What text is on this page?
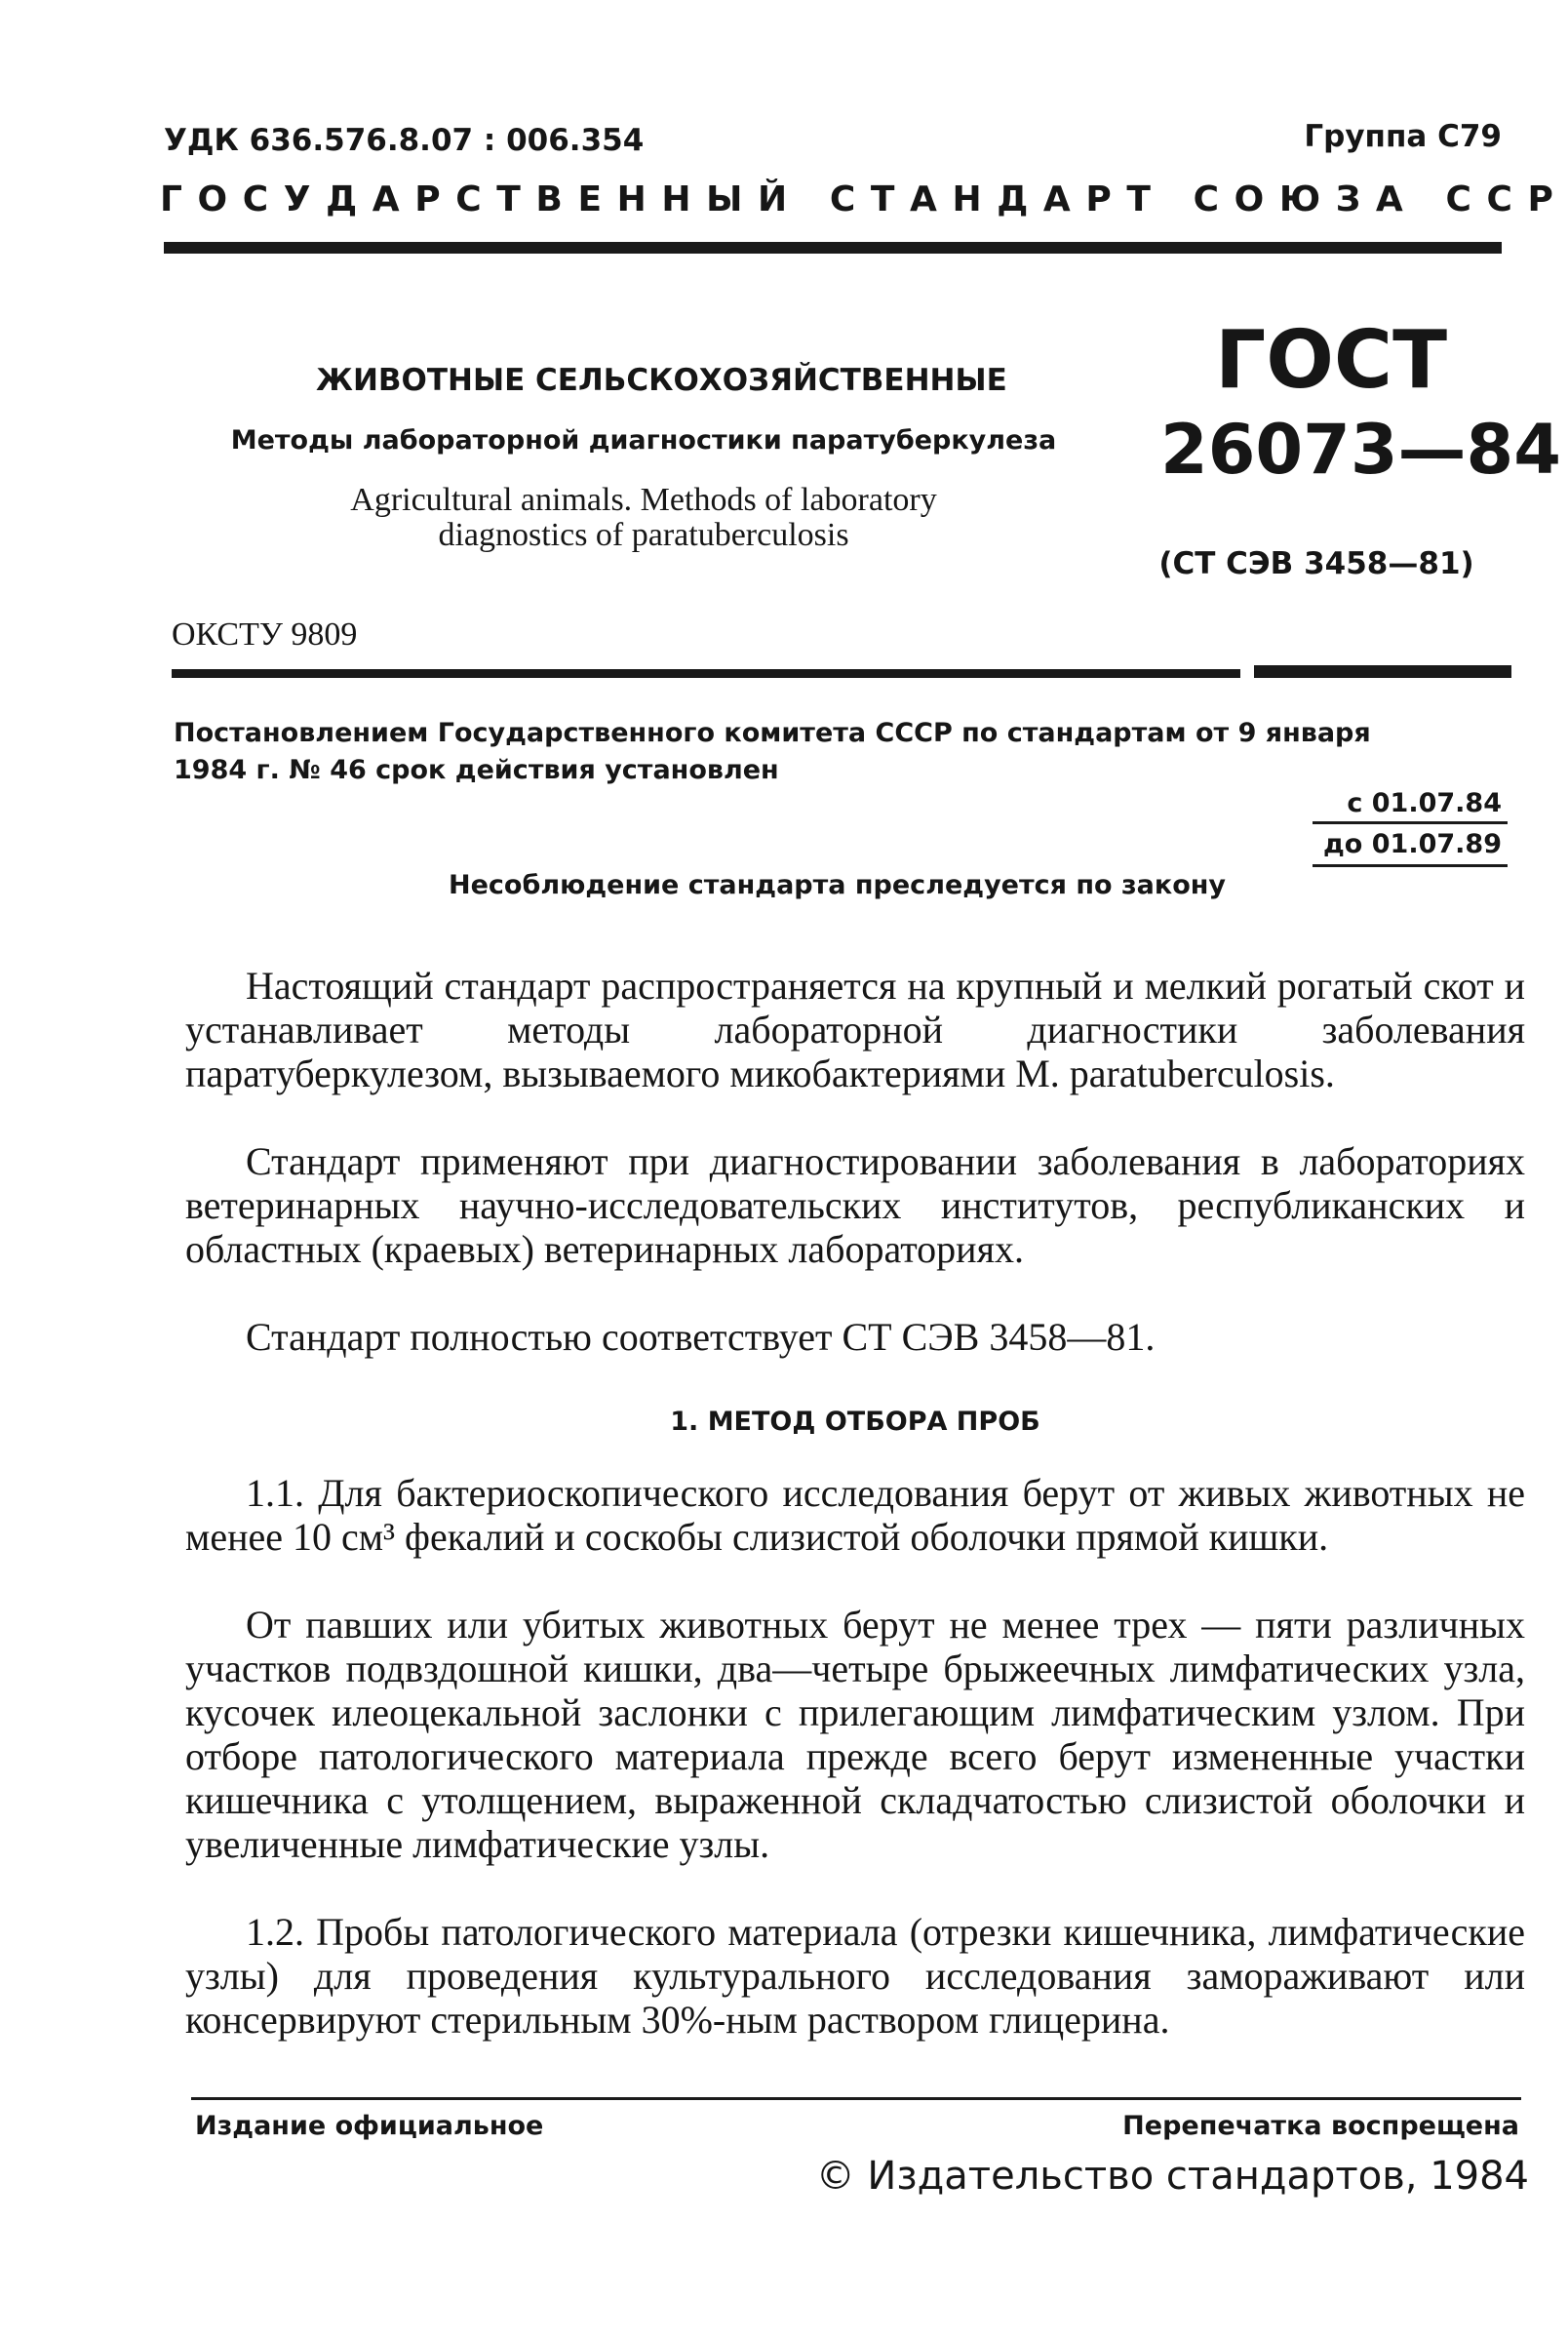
УДК 636.576.8.07 : 006.354	Группа С79
ГОСУДАРСТВЕННЫЙ СТАНДАРТ СОЮЗА ССР
ЖИВОТНЫЕ СЕЛЬСКОХОЗЯЙСТВЕННЫЕ
Методы лабораторной диагностики паратуберкулеза
Agricultural animals. Methods of laboratory
diagnostics of paratuberculosis
ГОСТ
26073—84
(СТ СЭВ 3458—81)
ОКСТУ 9809
Постановлением Государственного комитета СССР по стандартам от 9 января
1984 г. № 46 срок действия установлен
с 01.07.84
до 01.07.89
Несоблюдение стандарта преследуется по закону

Настоящий стандарт распространяется на крупный и мелкий рогатый скот и устанавливает методы лабораторной диагностики заболевания паратуберкулезом, вызываемого микобактериями M. paratuberculosis.

Стандарт применяют при диагностировании заболевания в лабораториях ветеринарных научно-исследовательских институтов, республиканских и областных (краевых) ветеринарных лабораториях.

Стандарт полностью соответствует СТ СЭВ 3458—81.

1. МЕТОД ОТБОРА ПРОБ

1.1. Для бактериоскопического исследования берут от живых животных не менее 10 см³ фекалий и соскобы слизистой оболочки прямой кишки.

От павших или убитых животных берут не менее трех — пяти различных участков подвздошной кишки, два—четыре брыжеечных лимфатических узла, кусочек илеоцекальной заслонки с прилегающим лимфатическим узлом. При отборе патологического материала прежде всего берут измененные участки кишечника с утолщением, выраженной складчатостью слизистой оболочки и увеличенные лимфатические узлы.

1.2. Пробы патологического материала (отрезки кишечника, лимфатические узлы) для проведения культурального исследования замораживают или консервируют стерильным 30%-ным раствором глицерина.

Издание официальное	Перепечатка воспрещена
© Издательство стандартов, 1984
